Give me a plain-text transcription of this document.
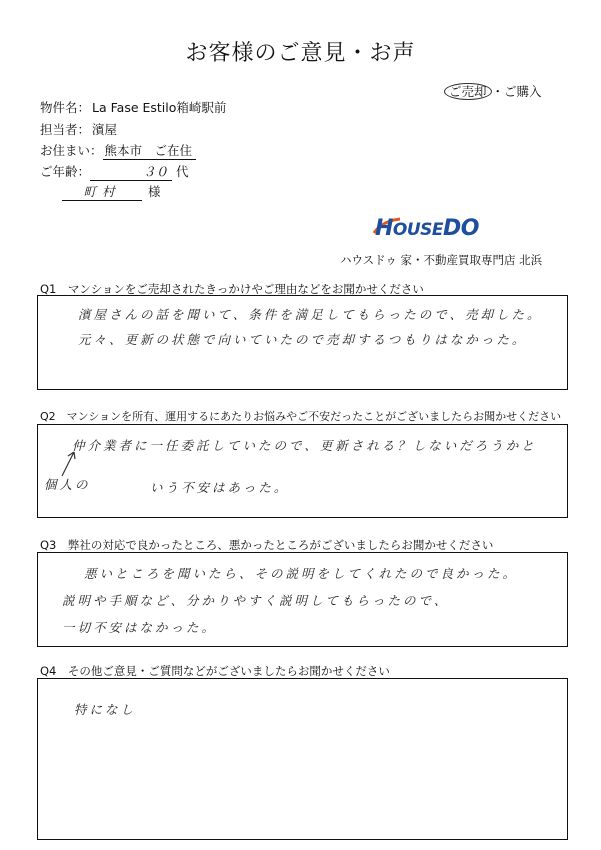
お客様のご意見・お声
ご売却 ・ご購入
物件名： La Fase Estilo箱崎駅前
担当者： 濱屋
お住まい： 熊本市　 ご在住
ご年齢：	３０ 代
町村 様
HOUSEDO
ハウスドゥ 家・不動産買取専門店 北浜
Q1　マンションをご売却されたきっかけやご理由などをお聞かせください
濱屋さんの話を聞いて、条件を満足してもらったので、売却した。
元々、更新の状態で向いていたので売却するつもりはなかった。
Q2　マンションを所有、運用するにあたりお悩みやご不安だったことがございましたらお聞かせください
仲介業者に一任委託していたので、更新される？しないだろうかと
個人の	いう不安はあった。
Q3　弊社の対応で良かったところ、悪かったところがございましたらお聞かせください
悪いところを聞いたら、その説明をしてくれたので良かった。
説明や手順など、分かりやすく説明してもらったので、
一切不安はなかった。
Q4　その他ご意見・ご質問などがございましたらお聞かせください
特になし
